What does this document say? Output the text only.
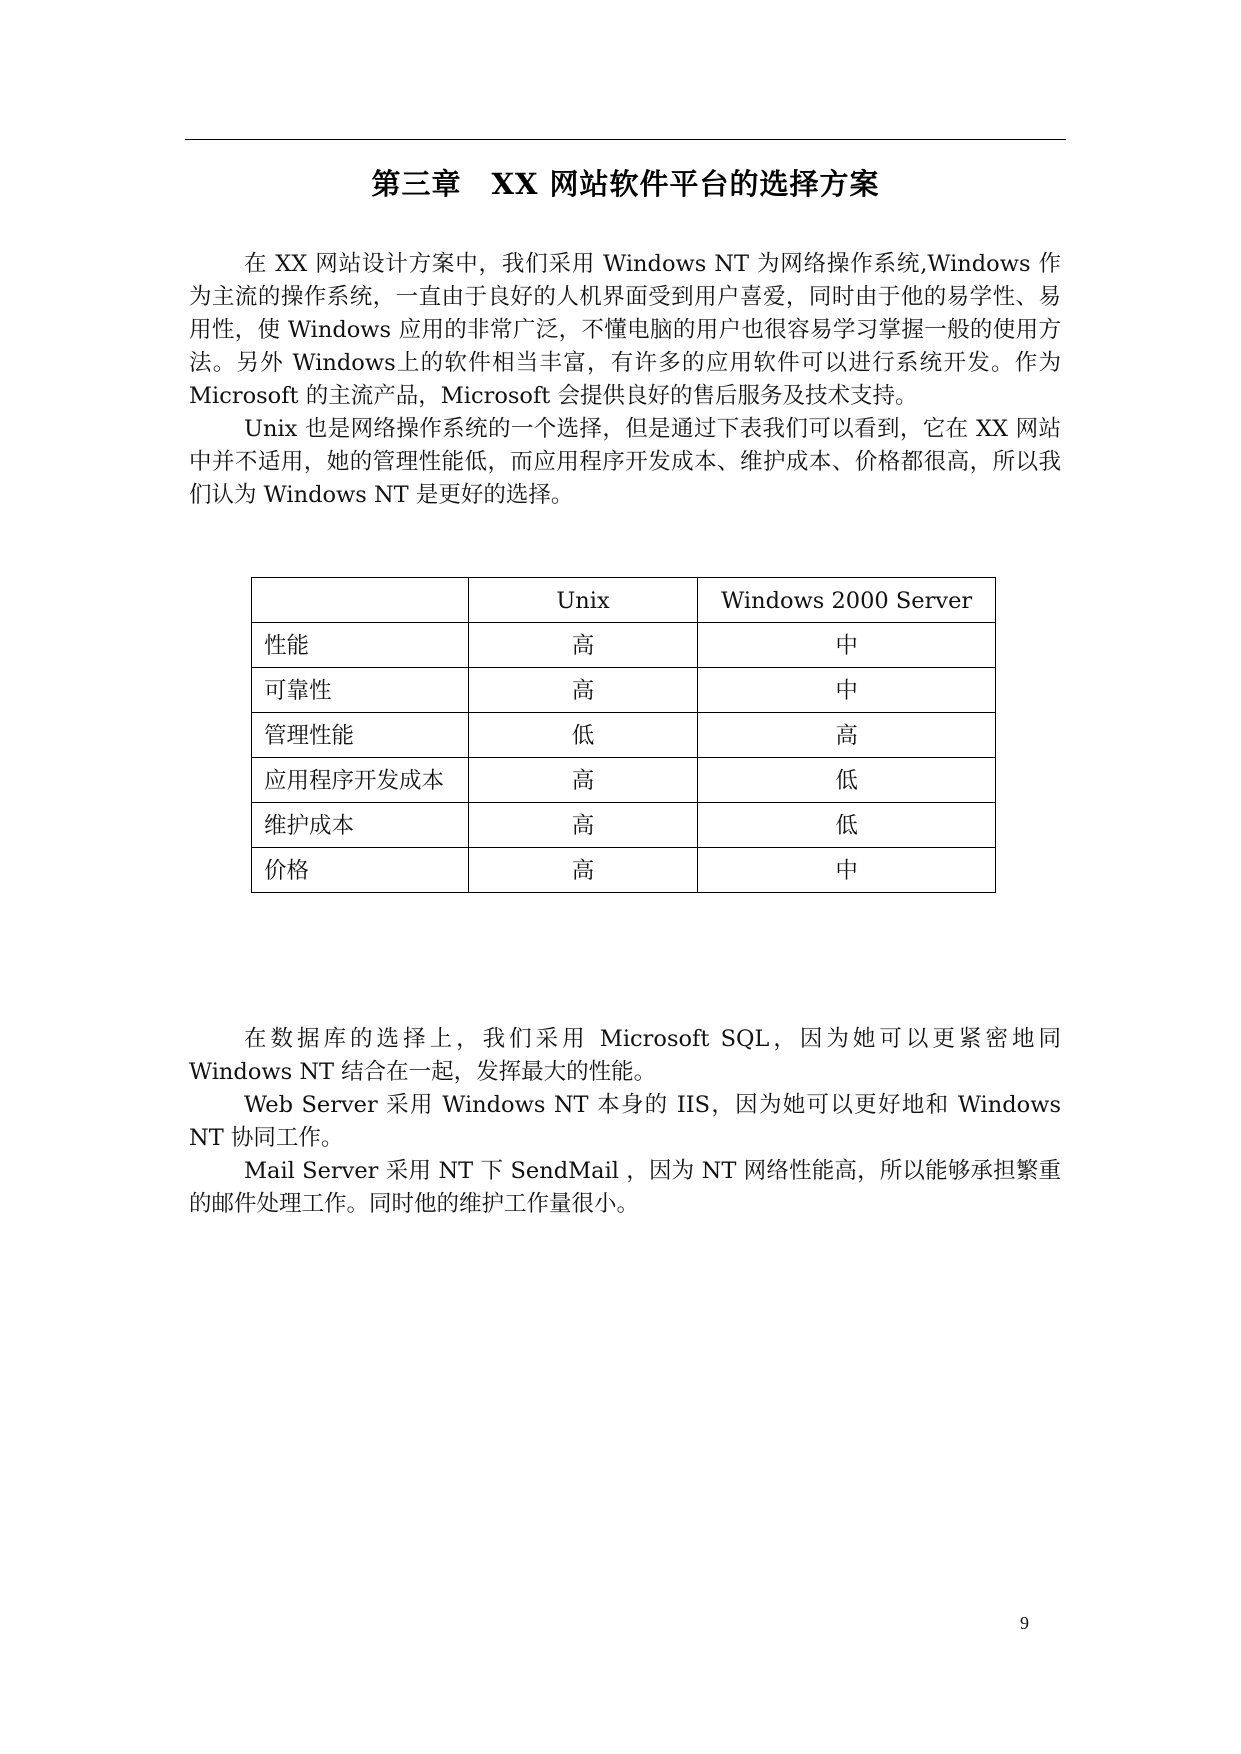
第三章　XX 网站软件平台的选择方案

在 XX 网站设计方案中，我们采用 Windows NT 为网络操作系统,Windows 作为主流的操作系统，一直由于良好的人机界面受到用户喜爱，同时由于他的易学性、易用性，使 Windows 应用的非常广泛，不懂电脑的用户也很容易学习掌握一般的使用方法。另外 Windows上的软件相当丰富，有许多的应用软件可以进行系统开发。作为 Microsoft 的主流产品，Microsoft 会提供良好的售后服务及技术支持。

Unix 也是网络操作系统的一个选择，但是通过下表我们可以看到，它在 XX 网站中并不适用，她的管理性能低，而应用程序开发成本、维护成本、价格都很高，所以我们认为 Windows NT 是更好的选择。

	Unix	Windows 2000 Server
性能	高	中
可靠性	高	中
管理性能	低	高
应用程序开发成本	高	低
维护成本	高	低
价格	高	中

在数据库的选择上，我们采用 Microsoft SQL，因为她可以更紧密地同 Windows NT 结合在一起，发挥最大的性能。

Web Server 采用 Windows NT 本身的 IIS，因为她可以更好地和 Windows NT 协同工作。

Mail Server 采用 NT 下 SendMail ，因为 NT 网络性能高，所以能够承担繁重的邮件处理工作。同时他的维护工作量很小。

9
